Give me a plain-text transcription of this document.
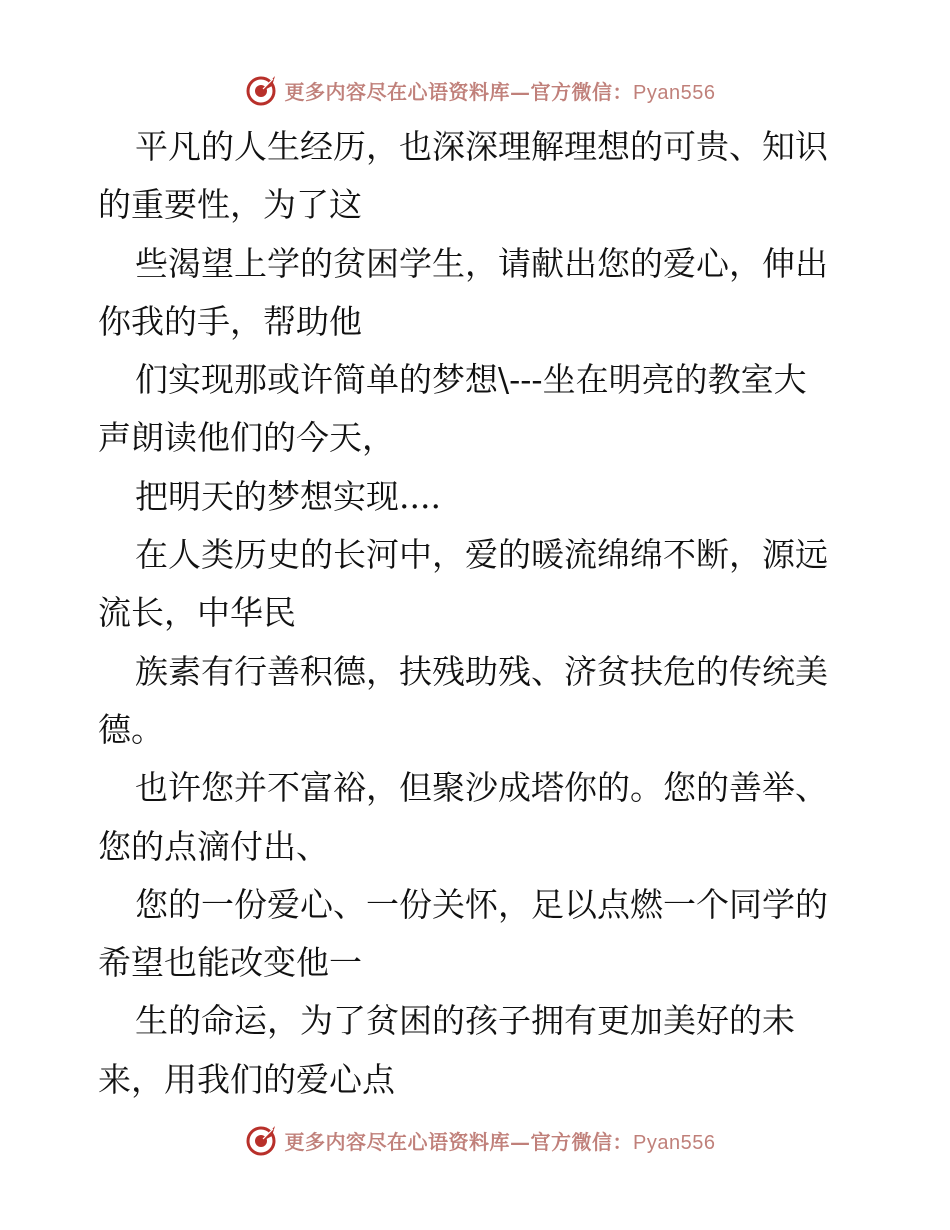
更多内容尽在心语资料库—官方微信：Pyan556
平凡的人生经历，也深深理解理想的可贵、知识
的重要性，为了这
些渴望上学的贫困学生，请献出您的爱心，伸出
你我的手，帮助他
们实现那或许简单的梦想\---坐在明亮的教室大
声朗读他们的今天，
把明天的梦想实现....
在人类历史的长河中，爱的暖流绵绵不断，源远
流长，中华民
族素有行善积德，扶残助残、济贫扶危的传统美
德。
也许您并不富裕，但聚沙成塔你的。您的善举、
您的点滴付出、
您的一份爱心、一份关怀，足以点燃一个同学的
希望也能改变他一
生的命运，为了贫困的孩子拥有更加美好的未
来，用我们的爱心点
更多内容尽在心语资料库—官方微信：Pyan556
